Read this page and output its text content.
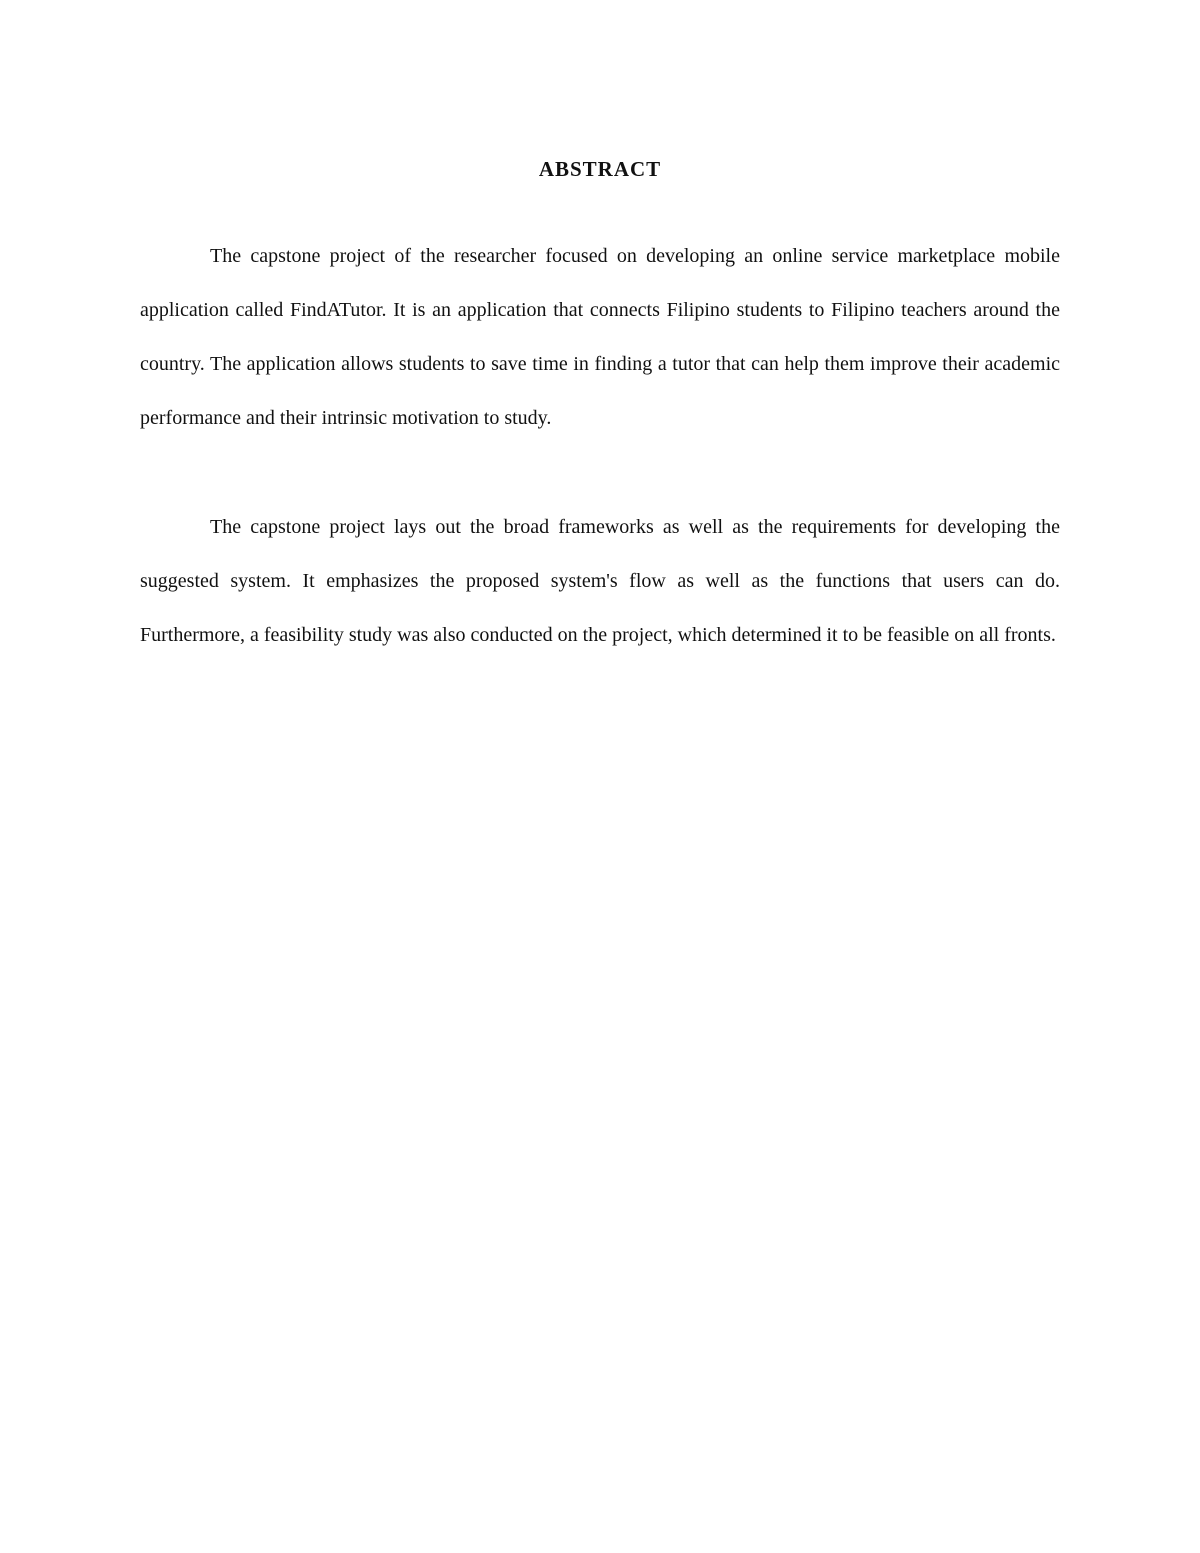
ABSTRACT

The capstone project of the researcher focused on developing an online service marketplace mobile application called FindATutor. It is an application that connects Filipino students to Filipino teachers around the country. The application allows students to save time in finding a tutor that can help them improve their academic performance and their intrinsic motivation to study.

The capstone project lays out the broad frameworks as well as the requirements for developing the suggested system. It emphasizes the proposed system's flow as well as the functions that users can do. Furthermore, a feasibility study was also conducted on the project, which determined it to be feasible on all fronts.
